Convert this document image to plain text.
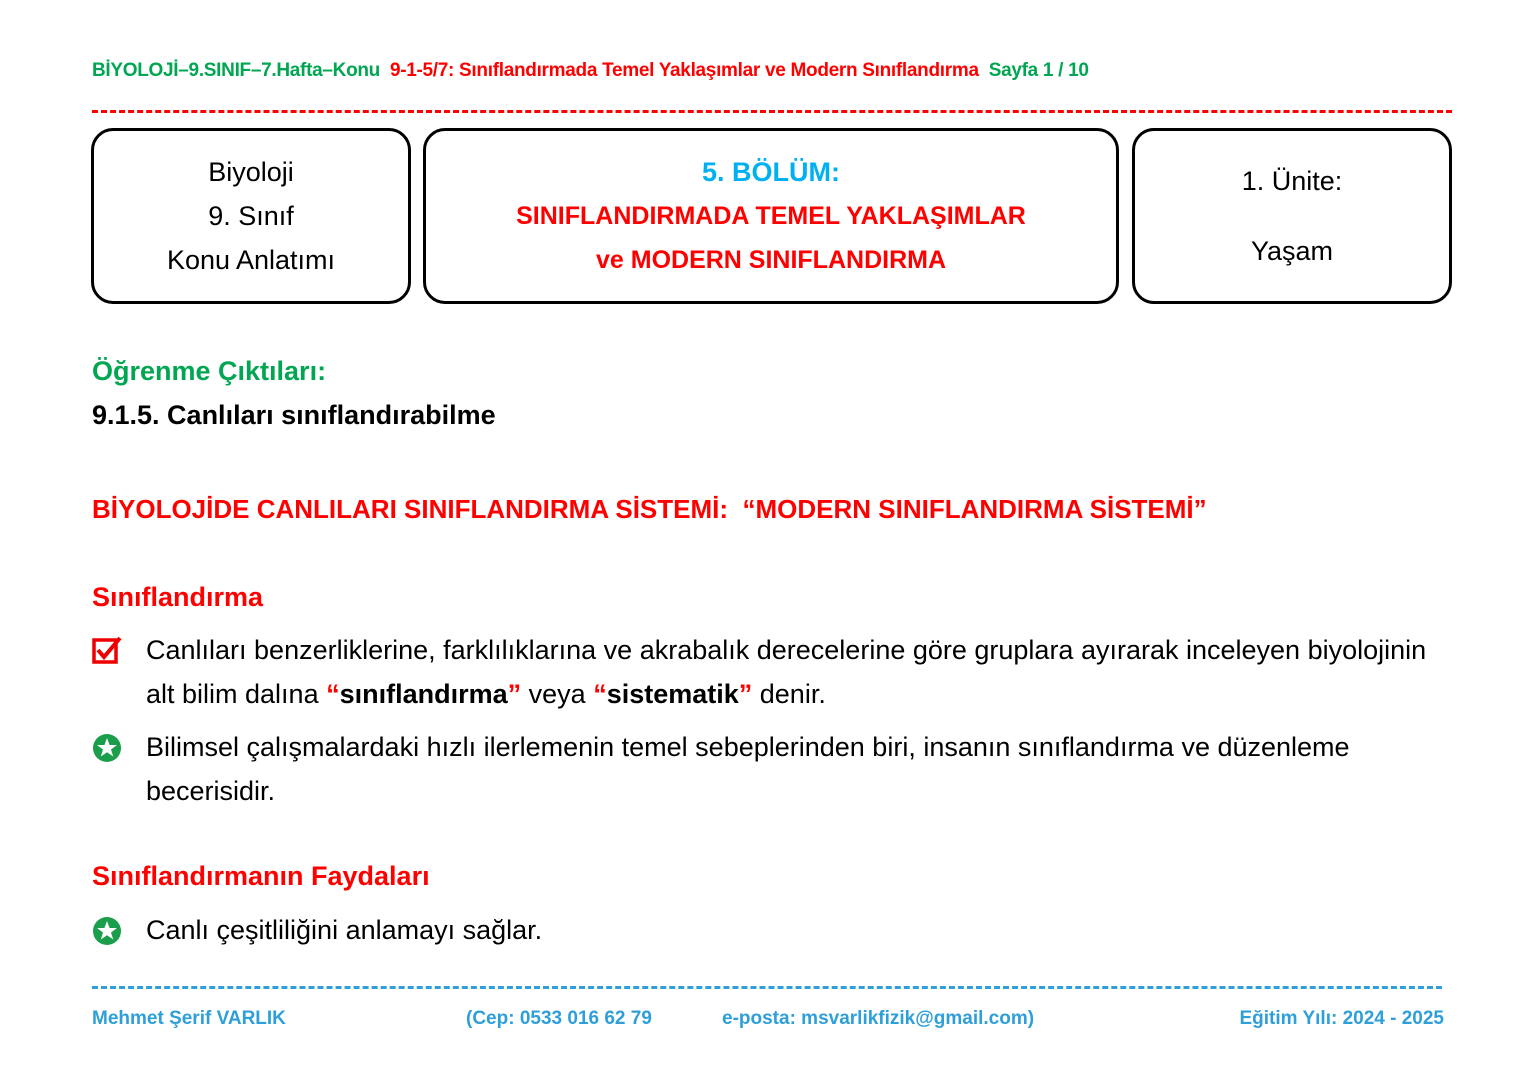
BİYOLOJİ–9.SINIF–7.Hafta–Konu 9-1-5/7: Sınıflandırmada Temel Yaklaşımlar ve Modern Sınıflandırma Sayfa 1 / 10
Biyoloji
9. Sınıf
Konu Anlatımı
5. BÖLÜM:
SINIFLANDIRMADA TEMEL YAKLAŞIMLAR
ve MODERN SINIFLANDIRMA
1. Ünite:
Yaşam
Öğrenme Çıktıları:
9.1.5. Canlıları sınıflandırabilme
BİYOLOJİDE CANLILARI SINIFLANDIRMA SİSTEMİ: “MODERN SINIFLANDIRMA SİSTEMİ”
Sınıflandırma
Canlıları benzerliklerine, farklılıklarına ve akrabalık derecelerine göre gruplara ayırarak inceleyen biyolojinin alt bilim dalına “sınıflandırma” veya “sistematik” denir.
Bilimsel çalışmalardaki hızlı ilerlemenin temel sebeplerinden biri, insanın sınıflandırma ve düzenleme becerisidir.
Sınıflandırmanın Faydaları
Canlı çeşitliliğini anlamayı sağlar.
Mehmet Şerif VARLIK	(Cep: 0533 016 62 79	e-posta: msvarlikfizik@gmail.com)	Eğitim Yılı: 2024 - 2025
